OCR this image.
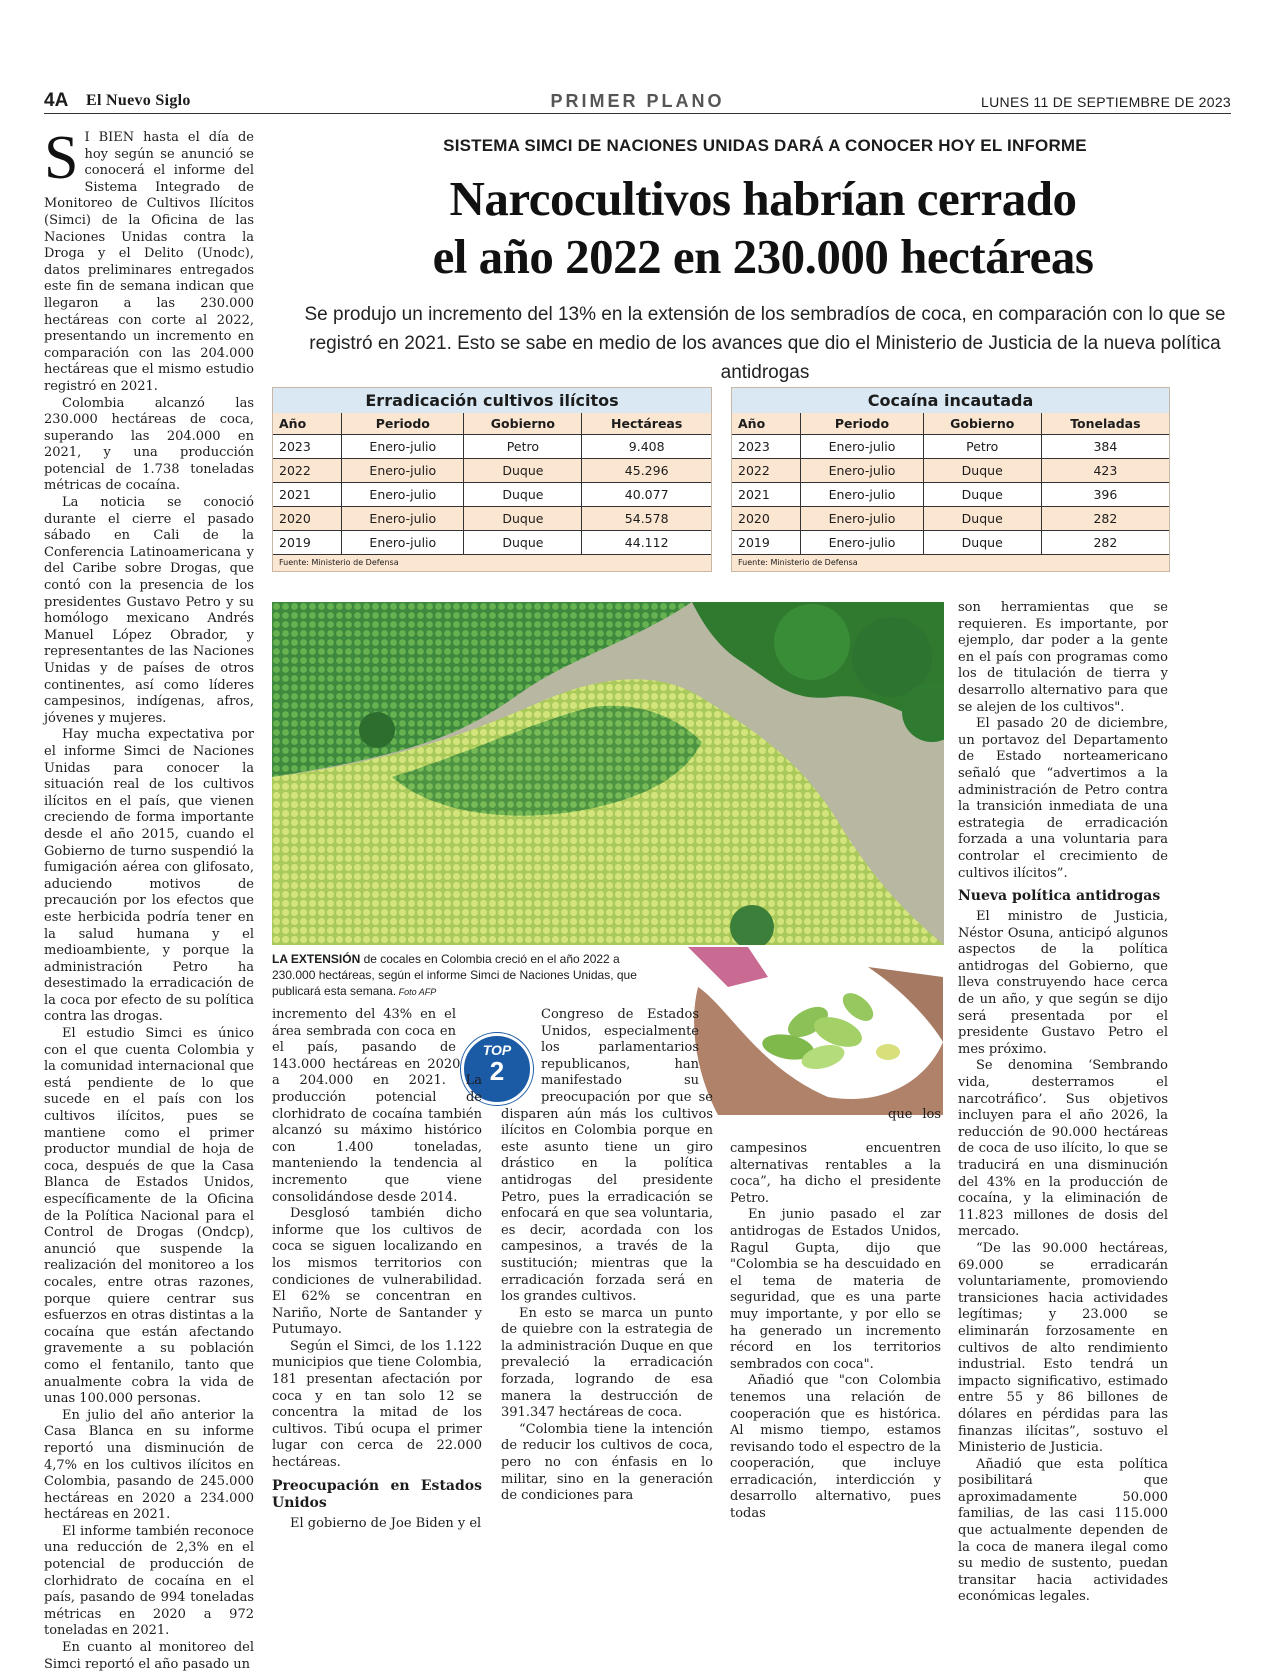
4A El Nuevo Siglo	PRIMER PLANO	LUNES 11 DE SEPTIEMBRE DE 2023
SISTEMA SIMCI DE NACIONES UNIDAS DARÁ A CONOCER HOY EL INFORME
Narcocultivos habrían cerrado
el año 2022 en 230.000 hectáreas
Se produjo un incremento del 13% en la extensión de los sembradíos de coca, en comparación con lo que se registró en 2021. Esto se sabe en medio de los avances que dio el Ministerio de Justicia de la nueva política antidrogas
Erradicación cultivos ilícitos
Año	Periodo	Gobierno	Hectáreas
2023	Enero-julio	Petro	9.408
2022	Enero-julio	Duque	45.296
2021	Enero-julio	Duque	40.077
2020	Enero-julio	Duque	54.578
2019	Enero-julio	Duque	44.112
Fuente: Ministerio de Defensa
Cocaína incautada
Año	Periodo	Gobierno	Toneladas
2023	Enero-julio	Petro	384
2022	Enero-julio	Duque	423
2021	Enero-julio	Duque	396
2020	Enero-julio	Duque	282
2019	Enero-julio	Duque	282
Fuente: Ministerio de Defensa
LA EXTENSIÓN de cocales en Colombia creció en el año 2022 a 230.000 hectáreas, según el informe Simci de Naciones Unidas, que publicará esta semana. Foto AFP
TOP
2

S I BIEN hasta el día de hoy según se anunció se conocerá el informe del Sistema Integrado de Monitoreo de Cultivos Ilícitos (Simci) de la Oficina de las Naciones Unidas contra la Droga y el Delito (Unodc), datos preliminares entregados este fin de semana indican que llegaron a las 230.000 hectáreas con corte al 2022, presentando un incremento en comparación con las 204.000 hectáreas que el mismo estudio registró en 2021.

Colombia alcanzó las 230.000 hectáreas de coca, superando las 204.000 en 2021, y una producción potencial de 1.738 toneladas métricas de cocaína.

La noticia se conoció durante el cierre el pasado sábado en Cali de la Conferencia Latinoamericana y del Caribe sobre Drogas, que contó con la presencia de los presidentes Gustavo Petro y su homólogo mexicano Andrés Manuel López Obrador, y representantes de las Naciones Unidas y de países de otros continentes, así como líderes campesinos, indígenas, afros, jóvenes y mujeres.

Hay mucha expectativa por el informe Simci de Naciones Unidas para conocer la situación real de los cultivos ilícitos en el país, que vienen creciendo de forma importante desde el año 2015, cuando el Gobierno de turno suspendió la fumigación aérea con glifosato, aduciendo motivos de precaución por los efectos que este herbicida podría tener en la salud humana y el medioambiente, y porque la administración Petro ha desestimado la erradicación de la coca por efecto de su política contra las drogas.

El estudio Simci es único con el que cuenta Colombia y la comunidad internacional que está pendiente de lo que sucede en el país con los cultivos ilícitos, pues se mantiene como el primer productor mundial de hoja de coca, después de que la Casa Blanca de Estados Unidos, específicamente de la Oficina de la Política Nacional para el Control de Drogas (Ondcp), anunció que suspende la realización del monitoreo a los cocales, entre otras razones, porque quiere centrar sus esfuerzos en otras distintas a la cocaína que están afectando gravemente a su población como el fentanilo, tanto que anualmente cobra la vida de unas 100.000 personas.

En julio del año anterior la Casa Blanca en su informe reportó una disminución de 4,7% en los cultivos ilícitos en Colombia, pasando de 245.000 hectáreas en 2020 a 234.000 hectáreas en 2021.

El informe también reconoce una reducción de 2,3% en el potencial de producción de clorhidrato de cocaína en el país, pasando de 994 toneladas métricas en 2020 a 972 toneladas en 2021.

En cuanto al monitoreo del Simci reportó el año pasado un

incremento del 43% en el área sembrada con coca en el país, pasando de 143.000 hectáreas en 2020 a 204.000 en 2021. La producción potencial de clorhidrato de cocaína también alcanzó su máximo histórico con 1.400 toneladas, manteniendo la tendencia al incremento que viene consolidándose desde 2014.

Desglosó también dicho informe que los cultivos de coca se siguen localizando en los mismos territorios con condiciones de vulnerabilidad. El 62% se concentran en Nariño, Norte de Santander y Putumayo.

Según el Simci, de los 1.122 municipios que tiene Colombia, 181 presentan afectación por coca y en tan solo 12 se concentra la mitad de los cultivos. Tibú ocupa el primer lugar con cerca de 22.000 hectáreas.

Preocupación en Estados Unidos

El gobierno de Joe Biden y el

Congreso de Estados Unidos, especialmente los parlamentarios republicanos, han manifestado su preocupación por que se disparen aún más los cultivos ilícitos en Colombia porque en este asunto tiene un giro drástico en la política antidrogas del presidente Petro, pues la erradicación se enfocará en que sea voluntaria, es decir, acordada con los campesinos, a través de la sustitución; mientras que la erradicación forzada será en los grandes cultivos.

En esto se marca un punto de quiebre con la estrategia de la administración Duque en que prevaleció la erradicación forzada, logrando de esa manera la destrucción de 391.347 hectáreas de coca.

“Colombia tiene la intención de reducir los cultivos de coca, pero no con énfasis en lo militar, sino en la generación de condiciones para

que los campesinos encuentren alternativas rentables a la coca”, ha dicho el presidente Petro.

En junio pasado el zar antidrogas de Estados Unidos, Ragul Gupta, dijo que "Colombia se ha descuidado en el tema de materia de seguridad, que es una parte muy importante, y por ello se ha generado un incremento récord en los territorios sembrados con coca".

Añadió que "con Colombia tenemos una relación de cooperación que es histórica. Al mismo tiempo, estamos revisando todo el espectro de la cooperación, que incluye erradicación, interdicción y desarrollo alternativo, pues todas

son herramientas que se requieren. Es importante, por ejemplo, dar poder a la gente en el país con programas como los de titulación de tierra y desarrollo alternativo para que se alejen de los cultivos".

El pasado 20 de diciembre, un portavoz del Departamento de Estado norteamericano señaló que “advertimos a la administración de Petro contra la transición inmediata de una estrategia de erradicación forzada a una voluntaria para controlar el crecimiento de cultivos ilícitos”.

Nueva política antidrogas

El ministro de Justicia, Néstor Osuna, anticipó algunos aspectos de la política antidrogas del Gobierno, que lleva construyendo hace cerca de un año, y que según se dijo será presentada por el presidente Gustavo Petro el mes próximo.

Se denomina ‘Sembrando vida, desterramos el narcotráfico’. Sus objetivos incluyen para el año 2026, la reducción de 90.000 hectáreas de coca de uso ilícito, lo que se traducirá en una disminución del 43% en la producción de cocaína, y la eliminación de 11.823 millones de dosis del mercado.

“De las 90.000 hectáreas, 69.000 se erradicarán voluntariamente, promoviendo transiciones hacia actividades legítimas; y 23.000 se eliminarán forzosamente en cultivos de alto rendimiento industrial. Esto tendrá un impacto significativo, estimado entre 55 y 86 billones de dólares en pérdidas para las finanzas ilícitas”, sostuvo el Ministerio de Justicia.

Añadió que esta política posibilitará que aproximadamente 50.000 familias, de las casi 115.000 que actualmente dependen de la coca de manera ilegal como su medio de sustento, puedan transitar hacia actividades económicas legales.
